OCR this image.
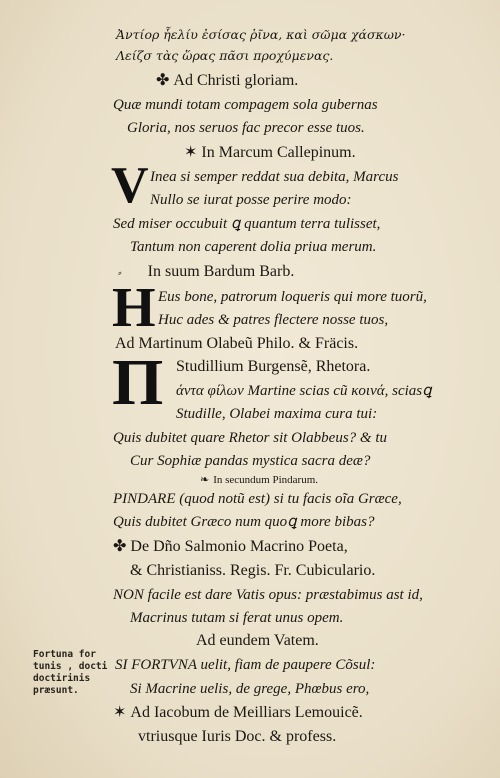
Ἀντίορ ἧελίυ ἐσίσας ῥῖνα, καὶ σῶμα χάσκων·
Λείζσ τὰς ὥρας πᾶσι προχύμενας.
✤ Ad Christi gloriam.
Quæ mundi totam compagem sola gubernas
Gloria, nos seruos fac precor esse tuos.
✶ In Marcum Callepinum.
V Inea si semper reddat sua debita, Marcus
Nullo se iurat posse perire modo:
Sed miser occubuit ꝗ quantum terra tulisset,
Tantum non caperent dolia priua merum.
⸗ In suum Bardum Barb.
H Eus bone, patrorum loqueris qui more tuorũ,
Huc ades & patres flectere nosse tuos,
Ad Martinum Olabeũ Philo. & Fräcis.
Π Studillium Burgensẽ, Rhetora.
άντα φίλων Martine scias cũ κοινά, sciasꝗ
Studille, Olabei maxima cura tui:
Quis dubitet quare Rhetor sit Olabbeus? & tu
Cur Sophiæ pandas mystica sacra deæ?
❧ In secundum Pindarum.
PINDARE (quod notũ est) si tu facis oĩa Græce,
Quis dubitet Græco num quoꝗ more bibas?
✤ De Dño Salmonio Macrino Poeta,
& Christianiss. Regis. Fr. Cubiculario.
NON facile est dare Vatis opus: præstabimus ast id,
Macrinus tutam si ferat unus opem.
Ad eundem Vatem.
SI FORTVNA uelit, fiam de paupere Cõsul:
Si Macrine uelis, de grege, Phœbus ero,
✶ Ad Iacobum de Meilliars Lemouicẽ.
vtriusque Iuris Doc. & profess.
Fortuna for
tunis , docti
doctirinis
præsunt.
